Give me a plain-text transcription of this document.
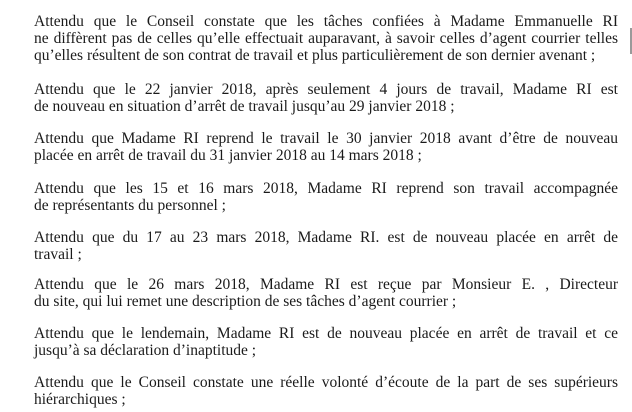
Attendu que le Conseil constate que les tâches confiées à Madame Emmanuelle RI
ne diffèrent pas de celles qu’elle effectuait auparavant, à savoir celles d’agent courrier telles
qu’elles résultent de son contrat de travail et plus particulièrement de son dernier avenant ;
Attendu que le 22 janvier 2018, après seulement 4 jours de travail, Madame RI est
de nouveau en situation d’arrêt de travail jusqu’au 29 janvier 2018 ;
Attendu que Madame RI reprend le travail le 30 janvier 2018 avant d’être de nouveau
placée en arrêt de travail du 31 janvier 2018 au 14 mars 2018 ;
Attendu que les 15 et 16 mars 2018, Madame RI reprend son travail accompagnée
de représentants du personnel ;
Attendu que du 17 au 23 mars 2018, Madame RI. est de nouveau placée en arrêt de
travail ;
Attendu que le 26 mars 2018, Madame RI est reçue par Monsieur E. , Directeur
du site, qui lui remet une description de ses tâches d’agent courrier ;
Attendu que le lendemain, Madame RI est de nouveau placée en arrêt de travail et ce
jusqu’à sa déclaration d’inaptitude ;
Attendu que le Conseil constate une réelle volonté d’écoute de la part de ses supérieurs
hiérarchiques ;
